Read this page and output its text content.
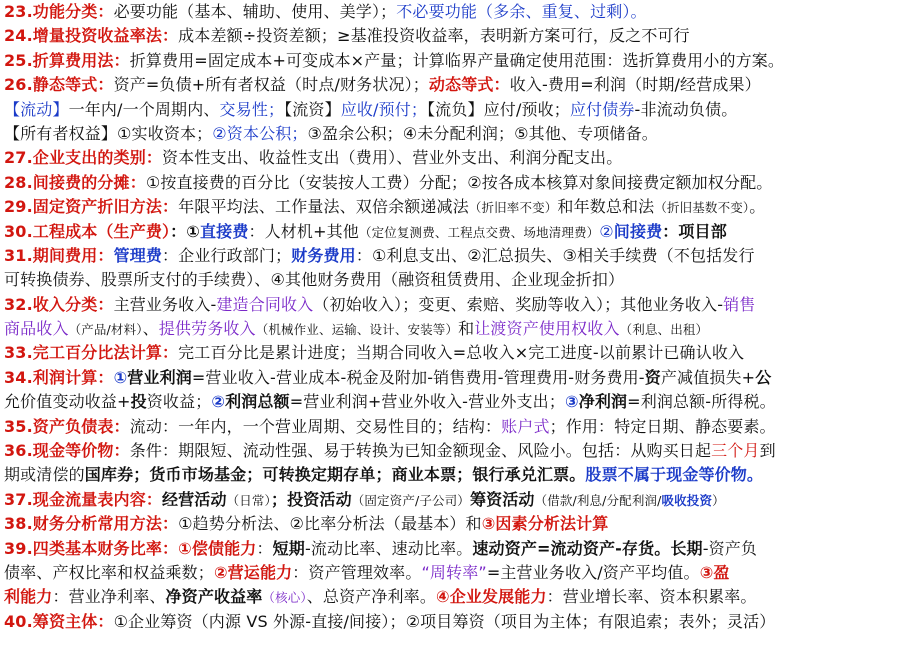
23.功能分类：必要功能（基本、辅助、使用、美学）；不必要功能（多余、重复、过剩）。
24.增量投资收益率法：成本差额÷投资差额；≥基准投资收益率，表明新方案可行，反之不可行
25.折算费用法：折算费用=固定成本+可变成本×产量；计算临界产量确定使用范围：选折算费用小的方案。
26.静态等式：资产=负债+所有者权益（时点/财务状况）；动态等式：收入-费用=利润（时期/经营成果）
【流动】一年内/一个周期内、交易性；【流资】应收/预付；【流负】应付/预收；应付债券-非流动负债。
【所有者权益】①实收资本；②资本公积；③盈余公积；④未分配利润；⑤其他、专项储备。
27.企业支出的类别：资本性支出、收益性支出（费用）、营业外支出、利润分配支出。
28.间接费的分摊：①按直接费的百分比（安装按人工费）分配；②按各成本核算对象间接费定额加权分配。
29.固定资产折旧方法：年限平均法、工作量法、双倍余额递减法（折旧率不变）和年数总和法（折旧基数不变）。
30.工程成本（生产费）：①直接费：人材机+其他（定位复测费、工程点交费、场地清理费）②间接费：项目部
31.期间费用：管理费：企业行政部门；财务费用：①利息支出、②汇总损失、③相关手续费（不包括发行
可转换债券、股票所支付的手续费）、④其他财务费用（融资租赁费用、企业现金折扣）
32.收入分类：主营业务收入-建造合同收入（初始收入）；变更、索赔、奖励等收入）；其他业务收入-销售
商品收入（产品/材料）、提供劳务收入（机械作业、运输、设计、安装等）和让渡资产使用权收入（利息、出租）
33.完工百分比法计算：完工百分比是累计进度；当期合同收入=总收入×完工进度-以前累计已确认收入
34.利润计算：①营业利润=营业收入-营业成本-税金及附加-销售费用-管理费用-财务费用-资产减值损失+公
允价值变动收益+投资收益；②利润总额=营业利润+营业外收入-营业外支出；③净利润=利润总额-所得税。
35.资产负债表：流动：一年内，一个营业周期、交易性目的；结构：账户式；作用：特定日期、静态要素。
36.现金等价物：条件：期限短、流动性强、易于转换为已知金额现金、风险小。包括：从购买日起三个月到
期或清偿的国库券；货币市场基金；可转换定期存单；商业本票；银行承兑汇票。股票不属于现金等价物。
37.现金流量表内容：经营活动（日常）；投资活动（固定资产/子公司）筹资活动（借款/利息/分配利润/吸收投资）
38.财务分析常用方法：①趋势分析法、②比率分析法（最基本）和③因素分析法计算
39.四类基本财务比率：①偿债能力：短期-流动比率、速动比率。速动资产=流动资产-存货。长期-资产负
债率、产权比率和权益乘数；②营运能力：资产管理效率。“周转率”=主营业务收入/资产平均值。③盈
利能力：营业净利率、净资产收益率（核心）、总资产净利率。④企业发展能力：营业增长率、资本积累率。
40.筹资主体：①企业筹资（内源 VS 外源-直接/间接）；②项目筹资（项目为主体；有限追索；表外；灵活）
